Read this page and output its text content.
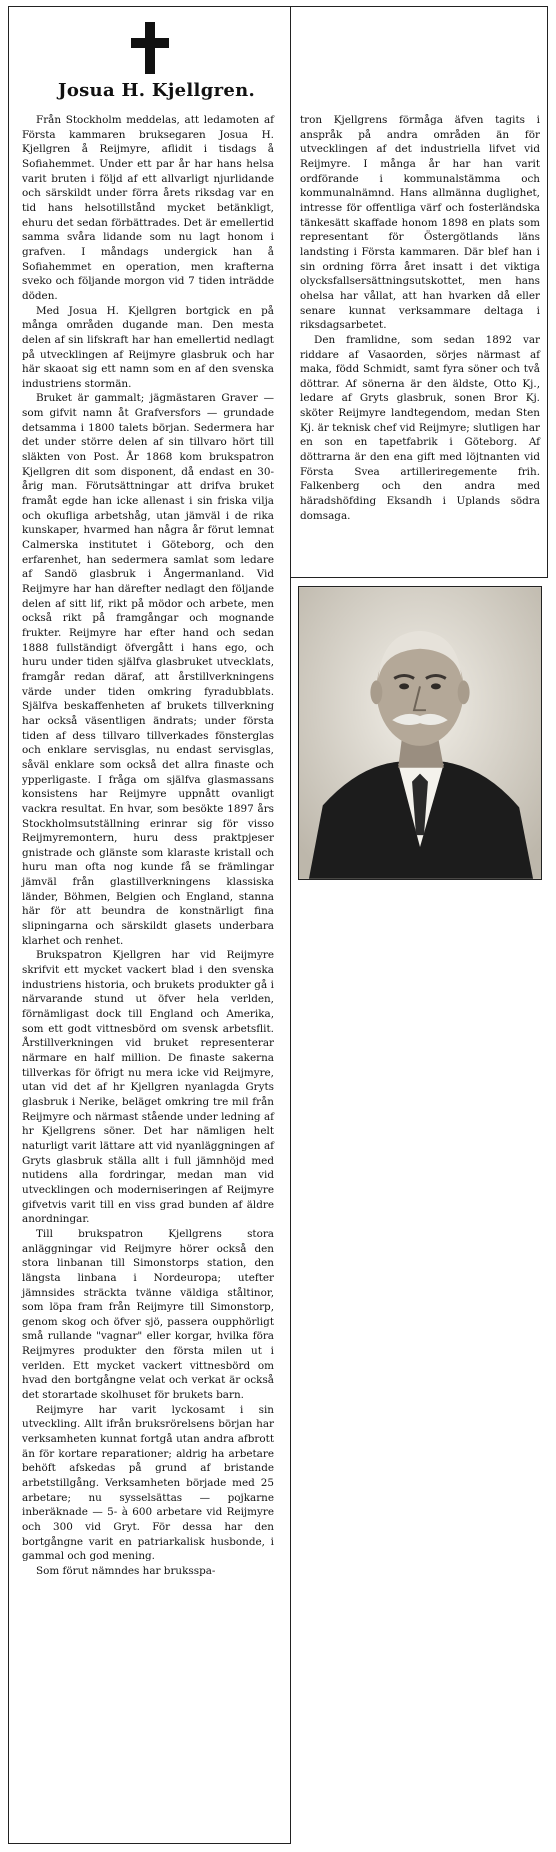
Josua H. Kjellgren.

Från Stockholm meddelas, att ledamoten af Första kammaren bruksegaren Josua H. Kjellgren å Reijmyre, aflidit i tisdags å Sofiahemmet. Under ett par år har hans helsa varit bruten i följd af ett allvarligt njurlidande och särskildt under förra årets riksdag var en tid hans helsotillstånd mycket betänkligt, ehuru det sedan förbättrades. Det är emellertid samma svåra lidande som nu lagt honom i grafven. I måndags undergick han å Sofiahemmet en operation, men krafterna sveko och följande morgon vid 7 tiden inträdde döden.

Med Josua H. Kjellgren bortgick en på många områden dugande man. Den mesta delen af sin lifskraft har han emellertid nedlagt på utvecklingen af Reijmyre glasbruk och har här skaoat sig ett namn som en af den svenska industriens stormän.

Bruket är gammalt; jägmästaren Graver — som gifvit namn åt Grafversfors — grundade detsamma i 1800 talets början. Sedermera har det under större delen af sin tillvaro hört till släkten von Post. År 1868 kom brukspatron Kjellgren dit som disponent, då endast en 30-årig man. Förutsättningar att drifva bruket framåt egde han icke allenast i sin friska vilja och okufliga arbetshåg, utan jämväl i de rika kunskaper, hvarmed han några år förut lemnat Calmerska institutet i Göteborg, och den erfarenhet, han sedermera samlat som ledare af Sandö glasbruk i Ångermanland. Vid Reijmyre har han därefter nedlagt den följande delen af sitt lif, rikt på mödor och arbete, men också rikt på framgångar och mognande frukter. Reijmyre har efter hand och sedan 1888 fullständigt öfvergått i hans ego, och huru under tiden själfva glasbruket utvecklats, framgår redan däraf, att årstillverkningens värde under tiden omkring fyradubblats. Själfva beskaffenheten af brukets tillverkning har också väsentligen ändrats; under första tiden af dess tillvaro tillverkades fönsterglas och enklare servisglas, nu endast servisglas, såväl enklare som också det allra finaste och ypperligaste. I fråga om själfva glasmassans konsistens har Reijmyre uppnått ovanligt vackra resultat. En hvar, som besökte 1897 års Stockholmsutställning erinrar sig för visso Reijmyremontern, huru dess praktpjeser gnistrade och glänste som klaraste kristall och huru man ofta nog kunde få se främlingar jämväl från glastillverkningens klassiska länder, Böhmen, Belgien och England, stanna här för att beundra de konstnärligt fina slipningarna och särskildt glasets underbara klarhet och renhet.

Brukspatron Kjellgren har vid Reijmyre skrifvit ett mycket vackert blad i den svenska industriens historia, och brukets produkter gå i närvarande stund ut öfver hela verlden, förnämligast dock till England och Amerika, som ett godt vittnesbörd om svensk arbetsflit. Årstillverkningen vid bruket representerar närmare en half million. De finaste sakerna tillverkas för öfrigt nu mera icke vid Reijmyre, utan vid det af hr Kjellgren nyanlagda Gryts glasbruk i Nerike, beläget omkring tre mil från Reijmyre och närmast stående under ledning af hr Kjellgrens söner. Det har nämligen helt naturligt varit lättare att vid nyanläggningen af Gryts glasbruk ställa allt i full jämnhöjd med nutidens alla fordringar, medan man vid utvecklingen och moderniseringen af Reijmyre gifvetvis varit till en viss grad bunden af äldre anordningar.

Till brukspatron Kjellgrens stora anläggningar vid Reijmyre hörer också den stora linbanan till Simonstorps station, den längsta linbana i Nordeuropa; utefter jämnsides sträckta tvänne väldiga ståltinor, som löpa fram från Reijmyre till Simonstorp, genom skog och öfver sjö, passera oupphörligt små rullande "vagnar" eller korgar, hvilka föra Reijmyres produkter den första milen ut i verlden. Ett mycket vackert vittnesbörd om hvad den bortgångne velat och verkat är också det storartade skolhuset för brukets barn.

Reijmyre har varit lyckosamt i sin utveckling. Allt ifrån bruksrörelsens början har verksamheten kunnat fortgå utan andra afbrott än för kortare reparationer; aldrig ha arbetare behöft afskedas på grund af bristande arbetstillgång. Verksamheten började med 25 arbetare; nu sysselsättas — pojkarne inberäknade — 5- à 600 arbetare vid Reijmyre och 300 vid Gryt. För dessa har den bortgångne varit en patriarkalisk husbonde, i gammal och god mening.

Som förut nämndes har bruksspa-

tron Kjellgrens förmåga äfven tagits i anspråk på andra områden än för utvecklingen af det industriella lifvet vid Reijmyre. I många år har han varit ordförande i kommunalstämma och kommunalnämnd. Hans allmänna duglighet, intresse för offentliga värf och fosterländska tänkesätt skaffade honom 1898 en plats som representant för Östergötlands läns landsting i Första kammaren. Där blef han i sin ordning förra året insatt i det viktiga olycksfallsersättningsutskottet, men hans ohelsa har vållat, att han hvarken då eller senare kunnat verksammare deltaga i riksdagsarbetet.

Den framlidne, som sedan 1892 var riddare af Vasaorden, sörjes närmast af maka, född Schmidt, samt fyra söner och två döttrar. Af sönerna är den äldste, Otto Kj., ledare af Gryts glasbruk, sonen Bror Kj. sköter Reijmyre landtegendom, medan Sten Kj. är teknisk chef vid Reijmyre; slutligen har en son en tapetfabrik i Göteborg. Af döttrarna är den ena gift med löjtnanten vid Första Svea artilleriregemente frih. Falkenberg och den andra med häradshöfding Eksandh i Uplands södra domsaga.
